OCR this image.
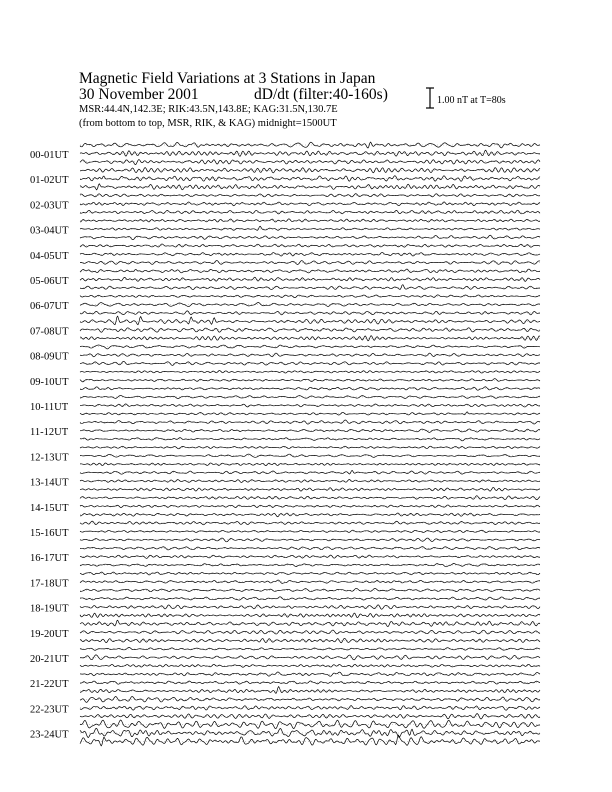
Magnetic Field Variations at 3 Stations in Japan
30 November 2001	dD/dt (filter:40-160s)
MSR:44.4N,142.3E; RIK:43.5N,143.8E; KAG:31.5N,130.7E
(from bottom to top, MSR, RIK, & KAG) midnight=1500UT
1.00 nT at T=80s
00-01UT
01-02UT
02-03UT
03-04UT
04-05UT
05-06UT
06-07UT
07-08UT
08-09UT
09-10UT
10-11UT
11-12UT
12-13UT
13-14UT
14-15UT
15-16UT
16-17UT
17-18UT
18-19UT
19-20UT
20-21UT
21-22UT
22-23UT
23-24UT
